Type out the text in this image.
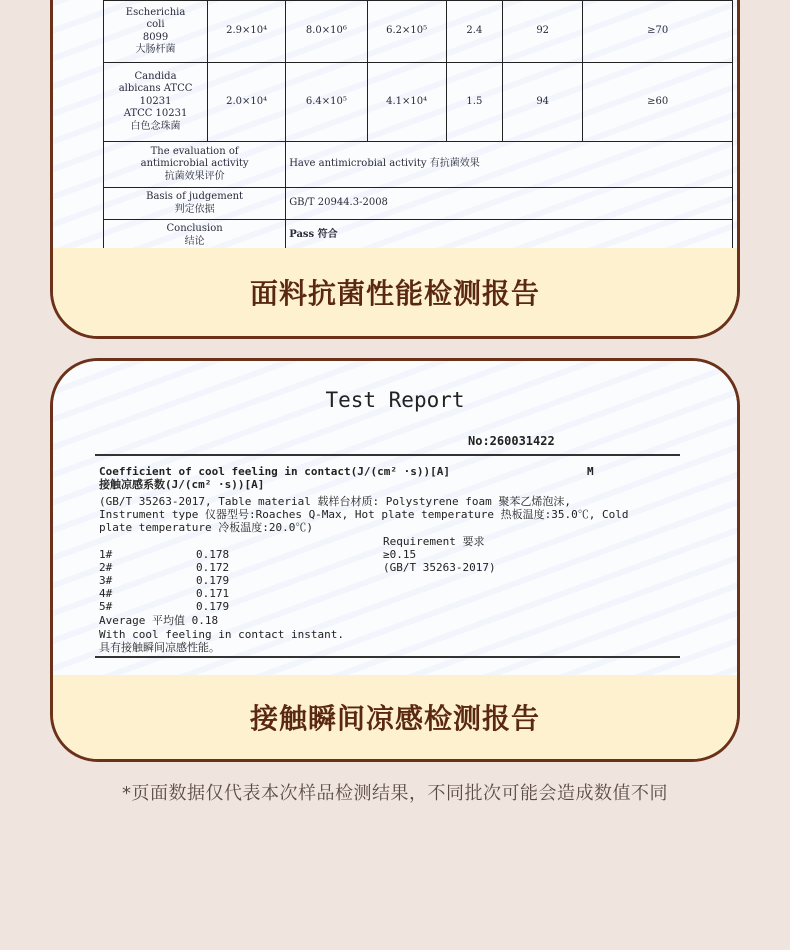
Escherichia
coli
8099
大肠杆菌	2.9×10⁴	8.0×10⁶	6.2×10⁵	2.4	92	≥70

Candida
albicans ATCC
10231
ATCC 10231
白色念珠菌	2.0×10⁴	6.4×10⁵	4.1×10⁴	1.5	94	≥60

The evaluation of
antimicrobial activity
抗菌效果评价		Have antimicrobial activity 有抗菌效果				

Basis of judgement
判定依据		GB/T 20944.3-2008				

Conclusion
结论		Pass 符合				
面料抗菌性能检测报告
Test Report
No:260031422
Coefficient of cool feeling in contact(J/(cm² ·s))[A]	M
接触凉感系数(J/(cm² ·s))[A]
(GB/T 35263-2017, Table material 载样台材质: Polystyrene foam 聚苯乙烯泡沫,
Instrument type 仪器型号:Roaches Q-Max, Hot plate temperature 热板温度:35.0℃, Cold
plate temperature 冷板温度:20.0℃)
Requirement 要求
≥0.15
(GB/T 35263-2017)
1#	0.178
2#	0.172
3#	0.179
4#	0.171
5#	0.179
Average 平均值 0.18
With cool feeling in contact instant.
具有接触瞬间凉感性能。
接触瞬间凉感检测报告
*页面数据仅代表本次样品检测结果，不同批次可能会造成数值不同
